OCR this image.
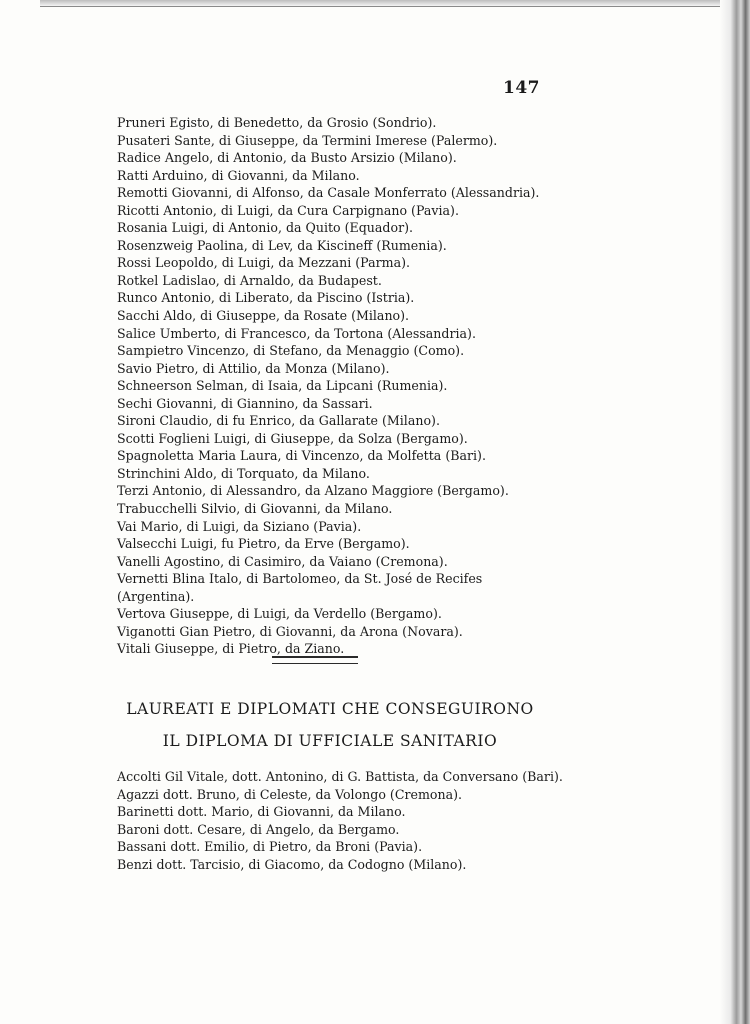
147
Pruneri Egisto, di Benedetto, da Grosio (Sondrio).
Pusateri Sante, di Giuseppe, da Termini Imerese (Palermo).
Radice Angelo, di Antonio, da Busto Arsizio (Milano).
Ratti Arduino, di Giovanni, da Milano.
Remotti Giovanni, di Alfonso, da Casale Monferrato (Alessandria).
Ricotti Antonio, di Luigi, da Cura Carpignano (Pavia).
Rosania Luigi, di Antonio, da Quito (Equador).
Rosenzweig Paolina, di Lev, da Kiscineff (Rumenia).
Rossi Leopoldo, di Luigi, da Mezzani (Parma).
Rotkel Ladislao, di Arnaldo, da Budapest.
Runco Antonio, di Liberato, da Piscino (Istria).
Sacchi Aldo, di Giuseppe, da Rosate (Milano).
Salice Umberto, di Francesco, da Tortona (Alessandria).
Sampietro Vincenzo, di Stefano, da Menaggio (Como).
Savio Pietro, di Attilio, da Monza (Milano).
Schneerson Selman, di Isaia, da Lipcani (Rumenia).
Sechi Giovanni, di Giannino, da Sassari.
Sironi Claudio, di fu Enrico, da Gallarate (Milano).
Scotti Foglieni Luigi, di Giuseppe, da Solza (Bergamo).
Spagnoletta Maria Laura, di Vincenzo, da Molfetta (Bari).
Strinchini Aldo, di Torquato, da Milano.
Terzi Antonio, di Alessandro, da Alzano Maggiore (Bergamo).
Trabucchelli Silvio, di Giovanni, da Milano.
Vai Mario, di Luigi, da Siziano (Pavia).
Valsecchi Luigi, fu Pietro, da Erve (Bergamo).
Vanelli Agostino, di Casimiro, da Vaiano (Cremona).
Vernetti Blina Italo, di Bartolomeo, da St. José de Recifes (Argentina).
Vertova Giuseppe, di Luigi, da Verdello (Bergamo).
Viganotti Gian Pietro, di Giovanni, da Arona (Novara).
Vitali Giuseppe, di Pietro, da Ziano.
LAUREATI E DIPLOMATI CHE CONSEGUIRONO
IL DIPLOMA DI UFFICIALE SANITARIO
Accolti Gil Vitale, dott. Antonino, di G. Battista, da Conversano (Bari).
Agazzi dott. Bruno, di Celeste, da Volongo (Cremona).
Barinetti dott. Mario, di Giovanni, da Milano.
Baroni dott. Cesare, di Angelo, da Bergamo.
Bassani dott. Emilio, di Pietro, da Broni (Pavia).
Benzi dott. Tarcisio, di Giacomo, da Codogno (Milano).
